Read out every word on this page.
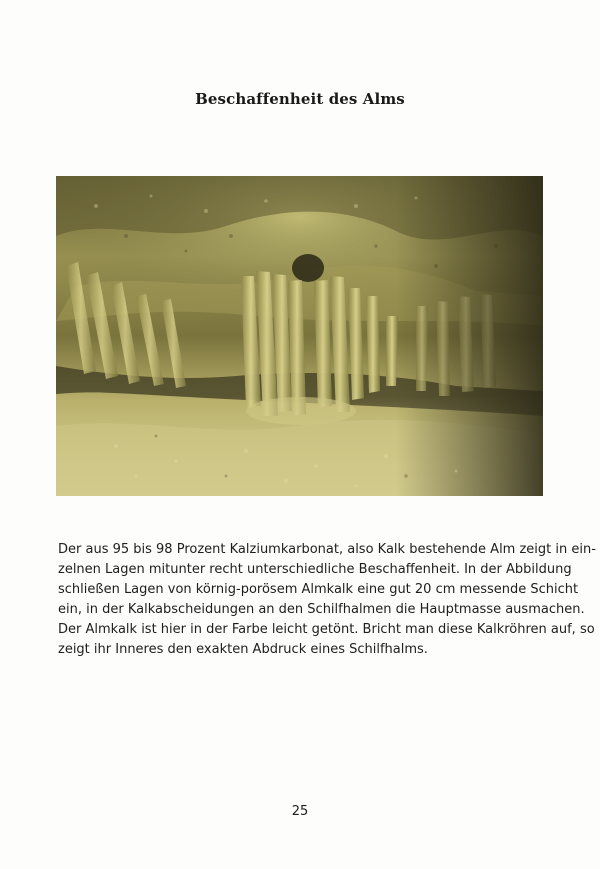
Beschaffenheit des Alms
Der aus 95 bis 98 Prozent Kalziumkarbonat, also Kalk bestehende Alm zeigt in ein-
zelnen Lagen mitunter recht unterschiedliche Beschaffenheit. In der Abbildung
schließen Lagen von körnig-porösem Almkalk eine gut 20 cm messende Schicht
ein, in der Kalkabscheidungen an den Schilfhalmen die Hauptmasse ausmachen.
Der Almkalk ist hier in der Farbe leicht getönt. Bricht man diese Kalkröhren auf, so
zeigt ihr Inneres den exakten Abdruck eines Schilfhalms.
25
